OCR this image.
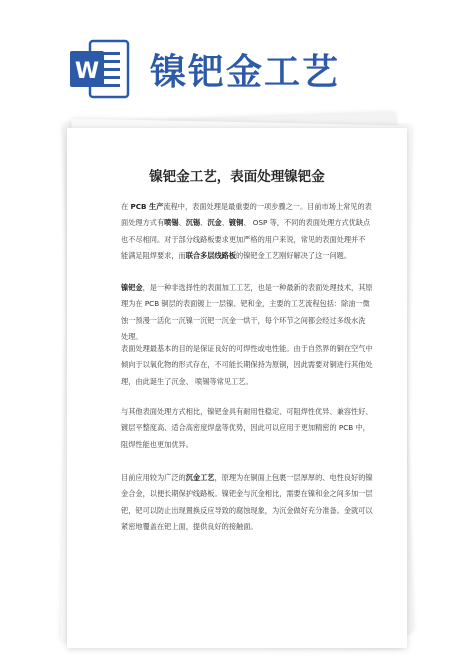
W 镍钯金工艺
镍钯金工艺，表面处理镍钯金
在 PCB 生产流程中，表面处理是最重要的一项步骤之一。目前市场上常见的表
面处理方式有喷锡、沉锡、沉金、镀铜、 OSP 等，不同的表面处理方式优缺点
也不尽相同。对于部分线路板要求更加严格的用户来说，常见的表面处理并不
能满足阻焊要求，而联合多层线路板的镍钯金工艺刚好解决了这一问题。
镍钯金，是一种非选择性的表面加工工艺，也是一种最新的表面处理技术，其原
理为在 PCB 铜层的表面镀上一层镍、钯和金，主要的工艺流程包括：除油一微
蚀一预漫一活化一沉镍一沉钯一沉金一烘干，每个环节之间都会经过多级水洗
处理。
表面处理最基本的目的是保证良好的可焊性或电性能。由于自然界的铜在空气中
倾向于以氧化物的形式存在，不可能长期保持为原铜，因此需要对铜进行其他处
理，由此诞生了沉金、 喷锡等常见工艺。
与其他表面处理方式相比，镍钯金具有耐用性稳定、可阻焊性优异、兼容性好、
镀层平整度高、适合高密度焊盘等优势，因此可以应用于更加精密的 PCB 中，
阻焊性能也更加优异。
目前应用较为广泛的沉金工艺，原理为在铜面上包裹一层厚厚的、电性良好的镍
金合金，以便长期保护线路板。镍钯金与沉金相比，需要在镍和金之间多加一层
钯，钯可以防止出现置换反应导致的腐蚀现象，为沉金做好充分准备。金就可以
紧密地覆盖在钯上面，提供良好的接触面。
